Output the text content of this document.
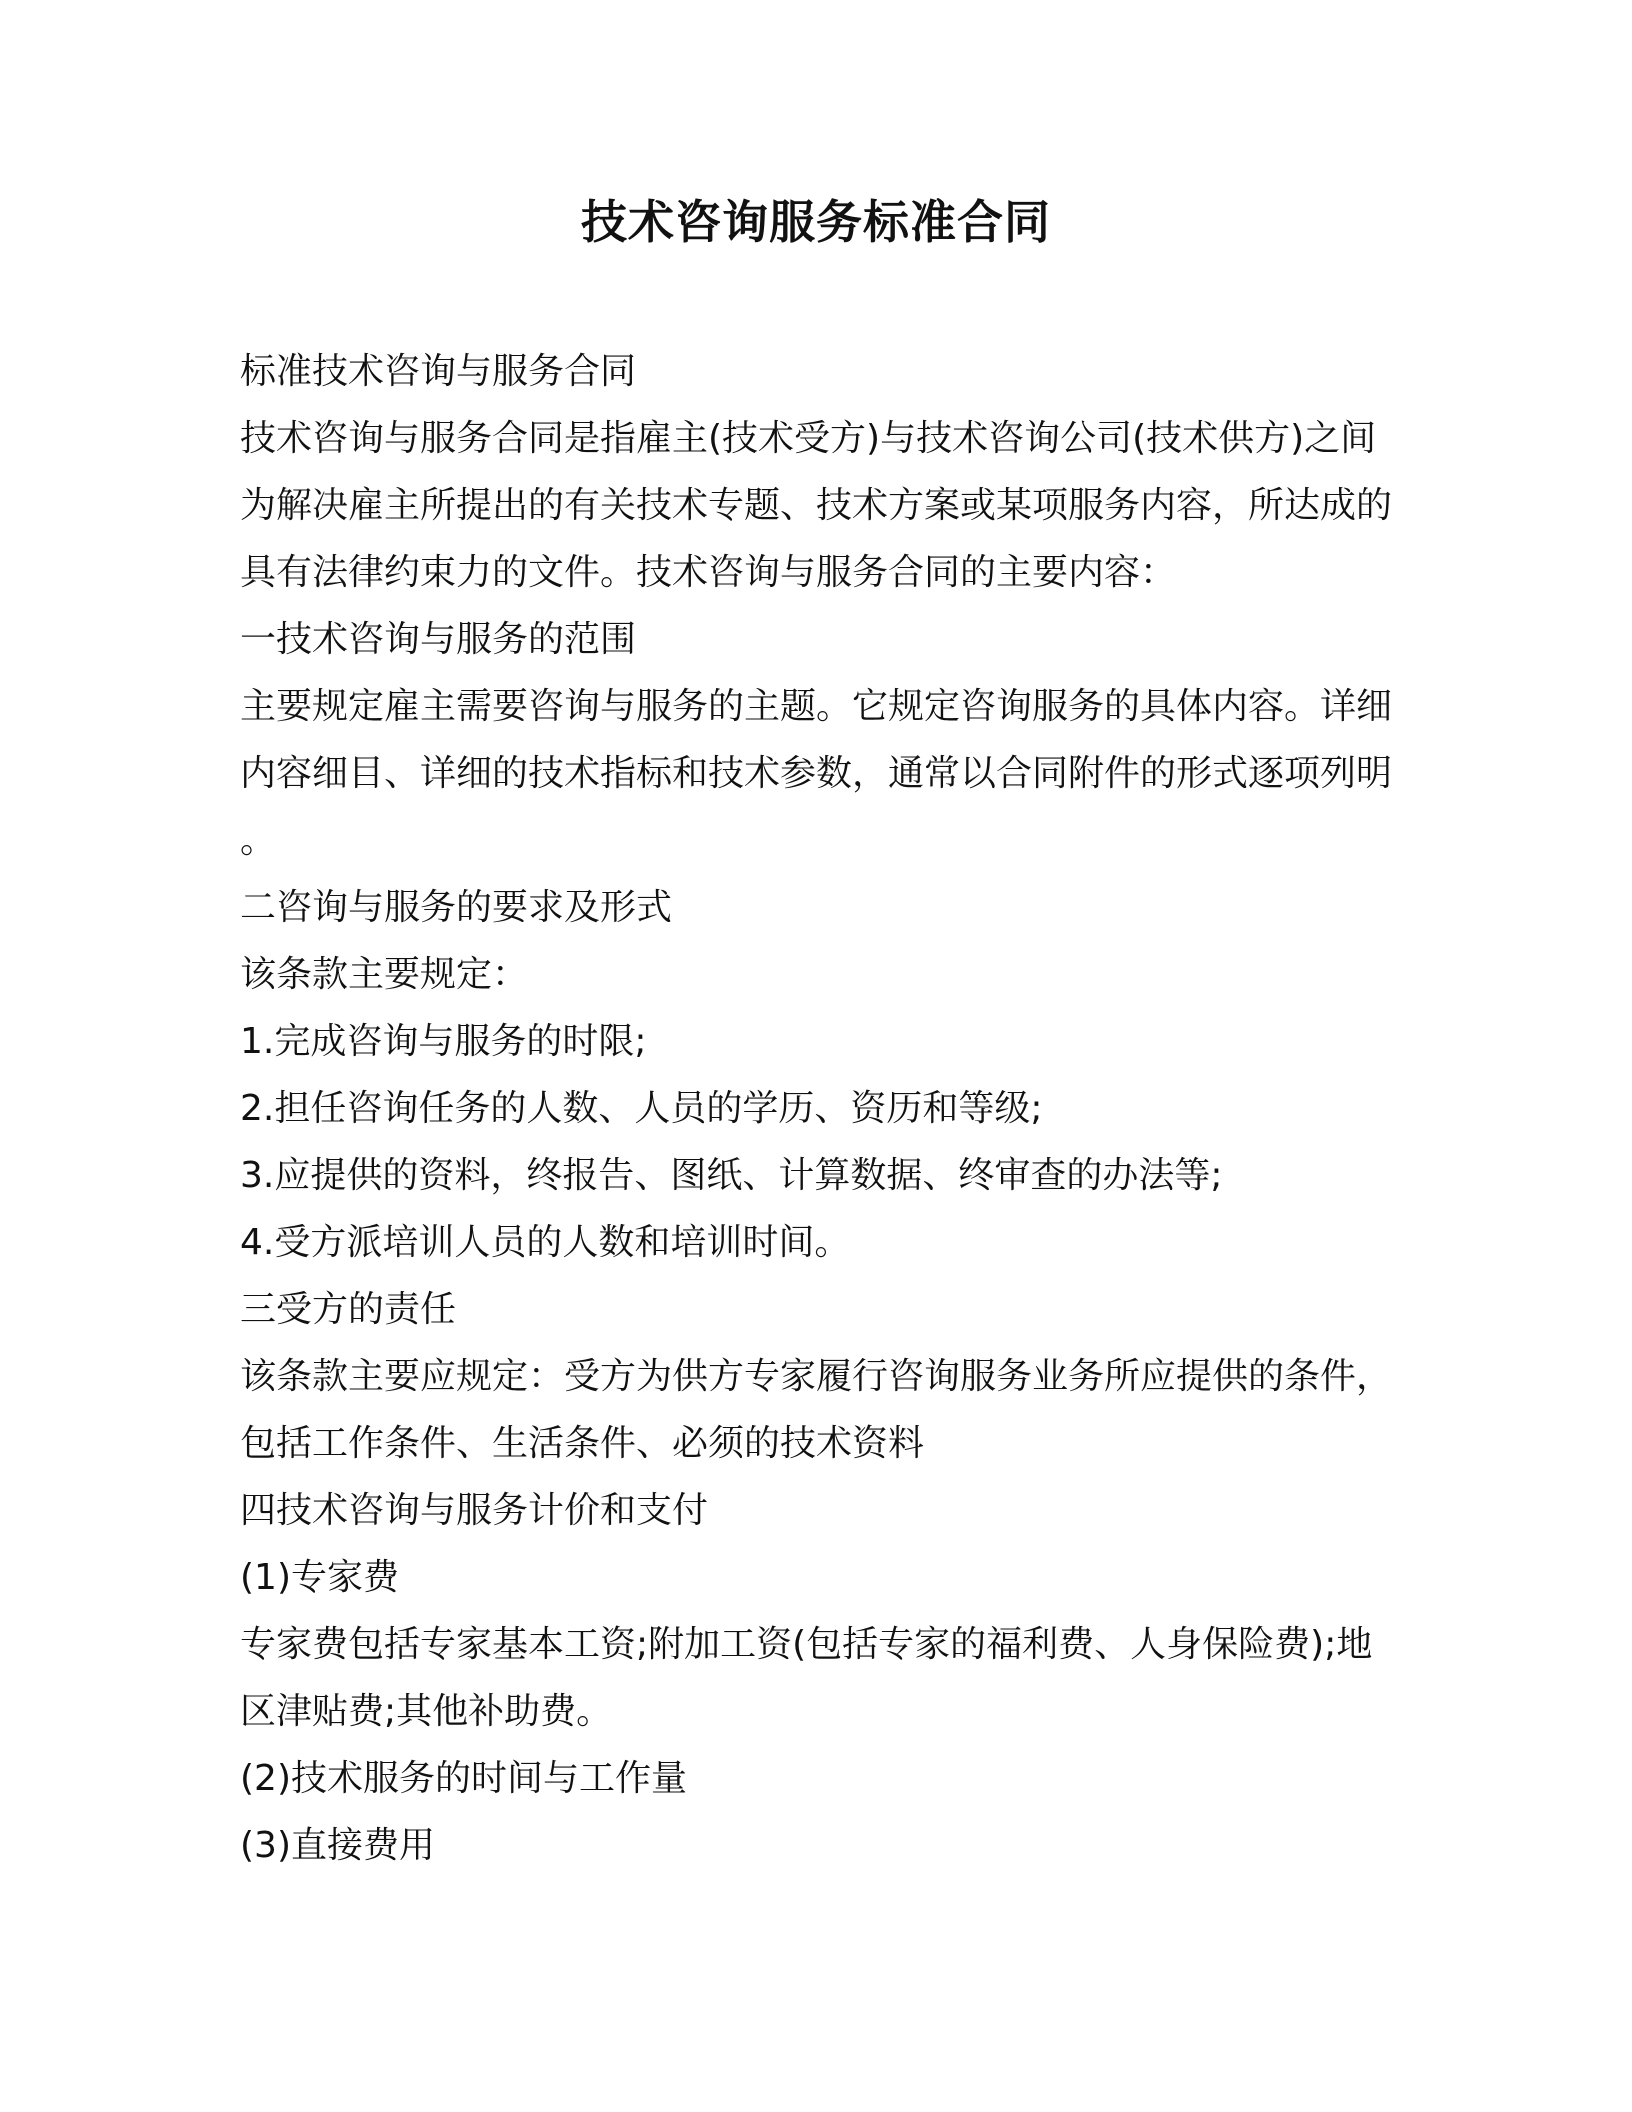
技术咨询服务标准合同

标准技术咨询与服务合同

技术咨询与服务合同是指雇主(技术受方)与技术咨询公司(技术供方)之间为解决雇主所提出的有关技术专题、技术方案或某项服务内容，所达成的具有法律约束力的文件。技术咨询与服务合同的主要内容：

一技术咨询与服务的范围

主要规定雇主需要咨询与服务的主题。它规定咨询服务的具体内容。详细内容细目、详细的技术指标和技术参数，通常以合同附件的形式逐项列明。

二咨询与服务的要求及形式

该条款主要规定：

1.完成咨询与服务的时限;

2.担任咨询任务的人数、人员的学历、资历和等级;

3.应提供的资料，终报告、图纸、计算数据、终审查的办法等;

4.受方派培训人员的人数和培训时间。

三受方的责任

该条款主要应规定：受方为供方专家履行咨询服务业务所应提供的条件，包括工作条件、生活条件、必须的技术资料

四技术咨询与服务计价和支付

(1)专家费

专家费包括专家基本工资;附加工资(包括专家的福利费、人身保险费);地区津贴费;其他补助费。

(2)技术服务的时间与工作量

(3)直接费用
